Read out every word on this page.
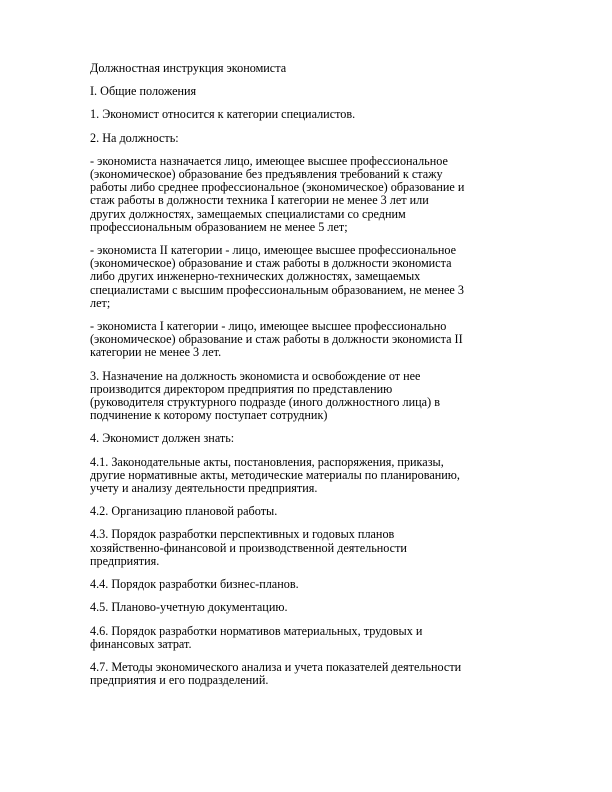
Должностная инструкция экономиста

I. Общие положения

1. Экономист относится к категории специалистов.

2. На должность:

- экономиста назначается лицо, имеющее высшее профессиональное
(экономическое) образование без предъявления требований к стажу
работы либо среднее профессиональное (экономическое) образование и
стаж работы в должности техника I категории не менее 3 лет или
других должностях, замещаемых специалистами со средним
профессиональным образованием не менее 5 лет;

- экономиста II категории - лицо, имеющее высшее профессиональное
(экономическое) образование и стаж работы в должности экономиста
либо других инженерно-технических должностях, замещаемых
специалистами с высшим профессиональным образованием, не менее 3
лет;

- экономиста I категории - лицо, имеющее высшее профессионально
(экономическое) образование и стаж работы в должности экономиста II
категории не менее 3 лет.

3. Назначение на должность экономиста и освобождение от нее
производится директором предприятия по представлению
(руководителя структурного подразде (иного должностного лица) в
подчинение к которому поступает сотрудник)

4. Экономист должен знать:

4.1. Законодательные акты, постановления, распоряжения, приказы,
другие нормативные акты, методические материалы по планированию,
учету и анализу деятельности предприятия.

4.2. Организацию плановой работы.

4.3. Порядок разработки перспективных и годовых планов
хозяйственно-финансовой и производственной деятельности
предприятия.

4.4. Порядок разработки бизнес-планов.

4.5. Планово-учетную документацию.

4.6. Порядок разработки нормативов материальных, трудовых и
финансовых затрат.

4.7. Методы экономического анализа и учета показателей деятельности
предприятия и его подразделений.
